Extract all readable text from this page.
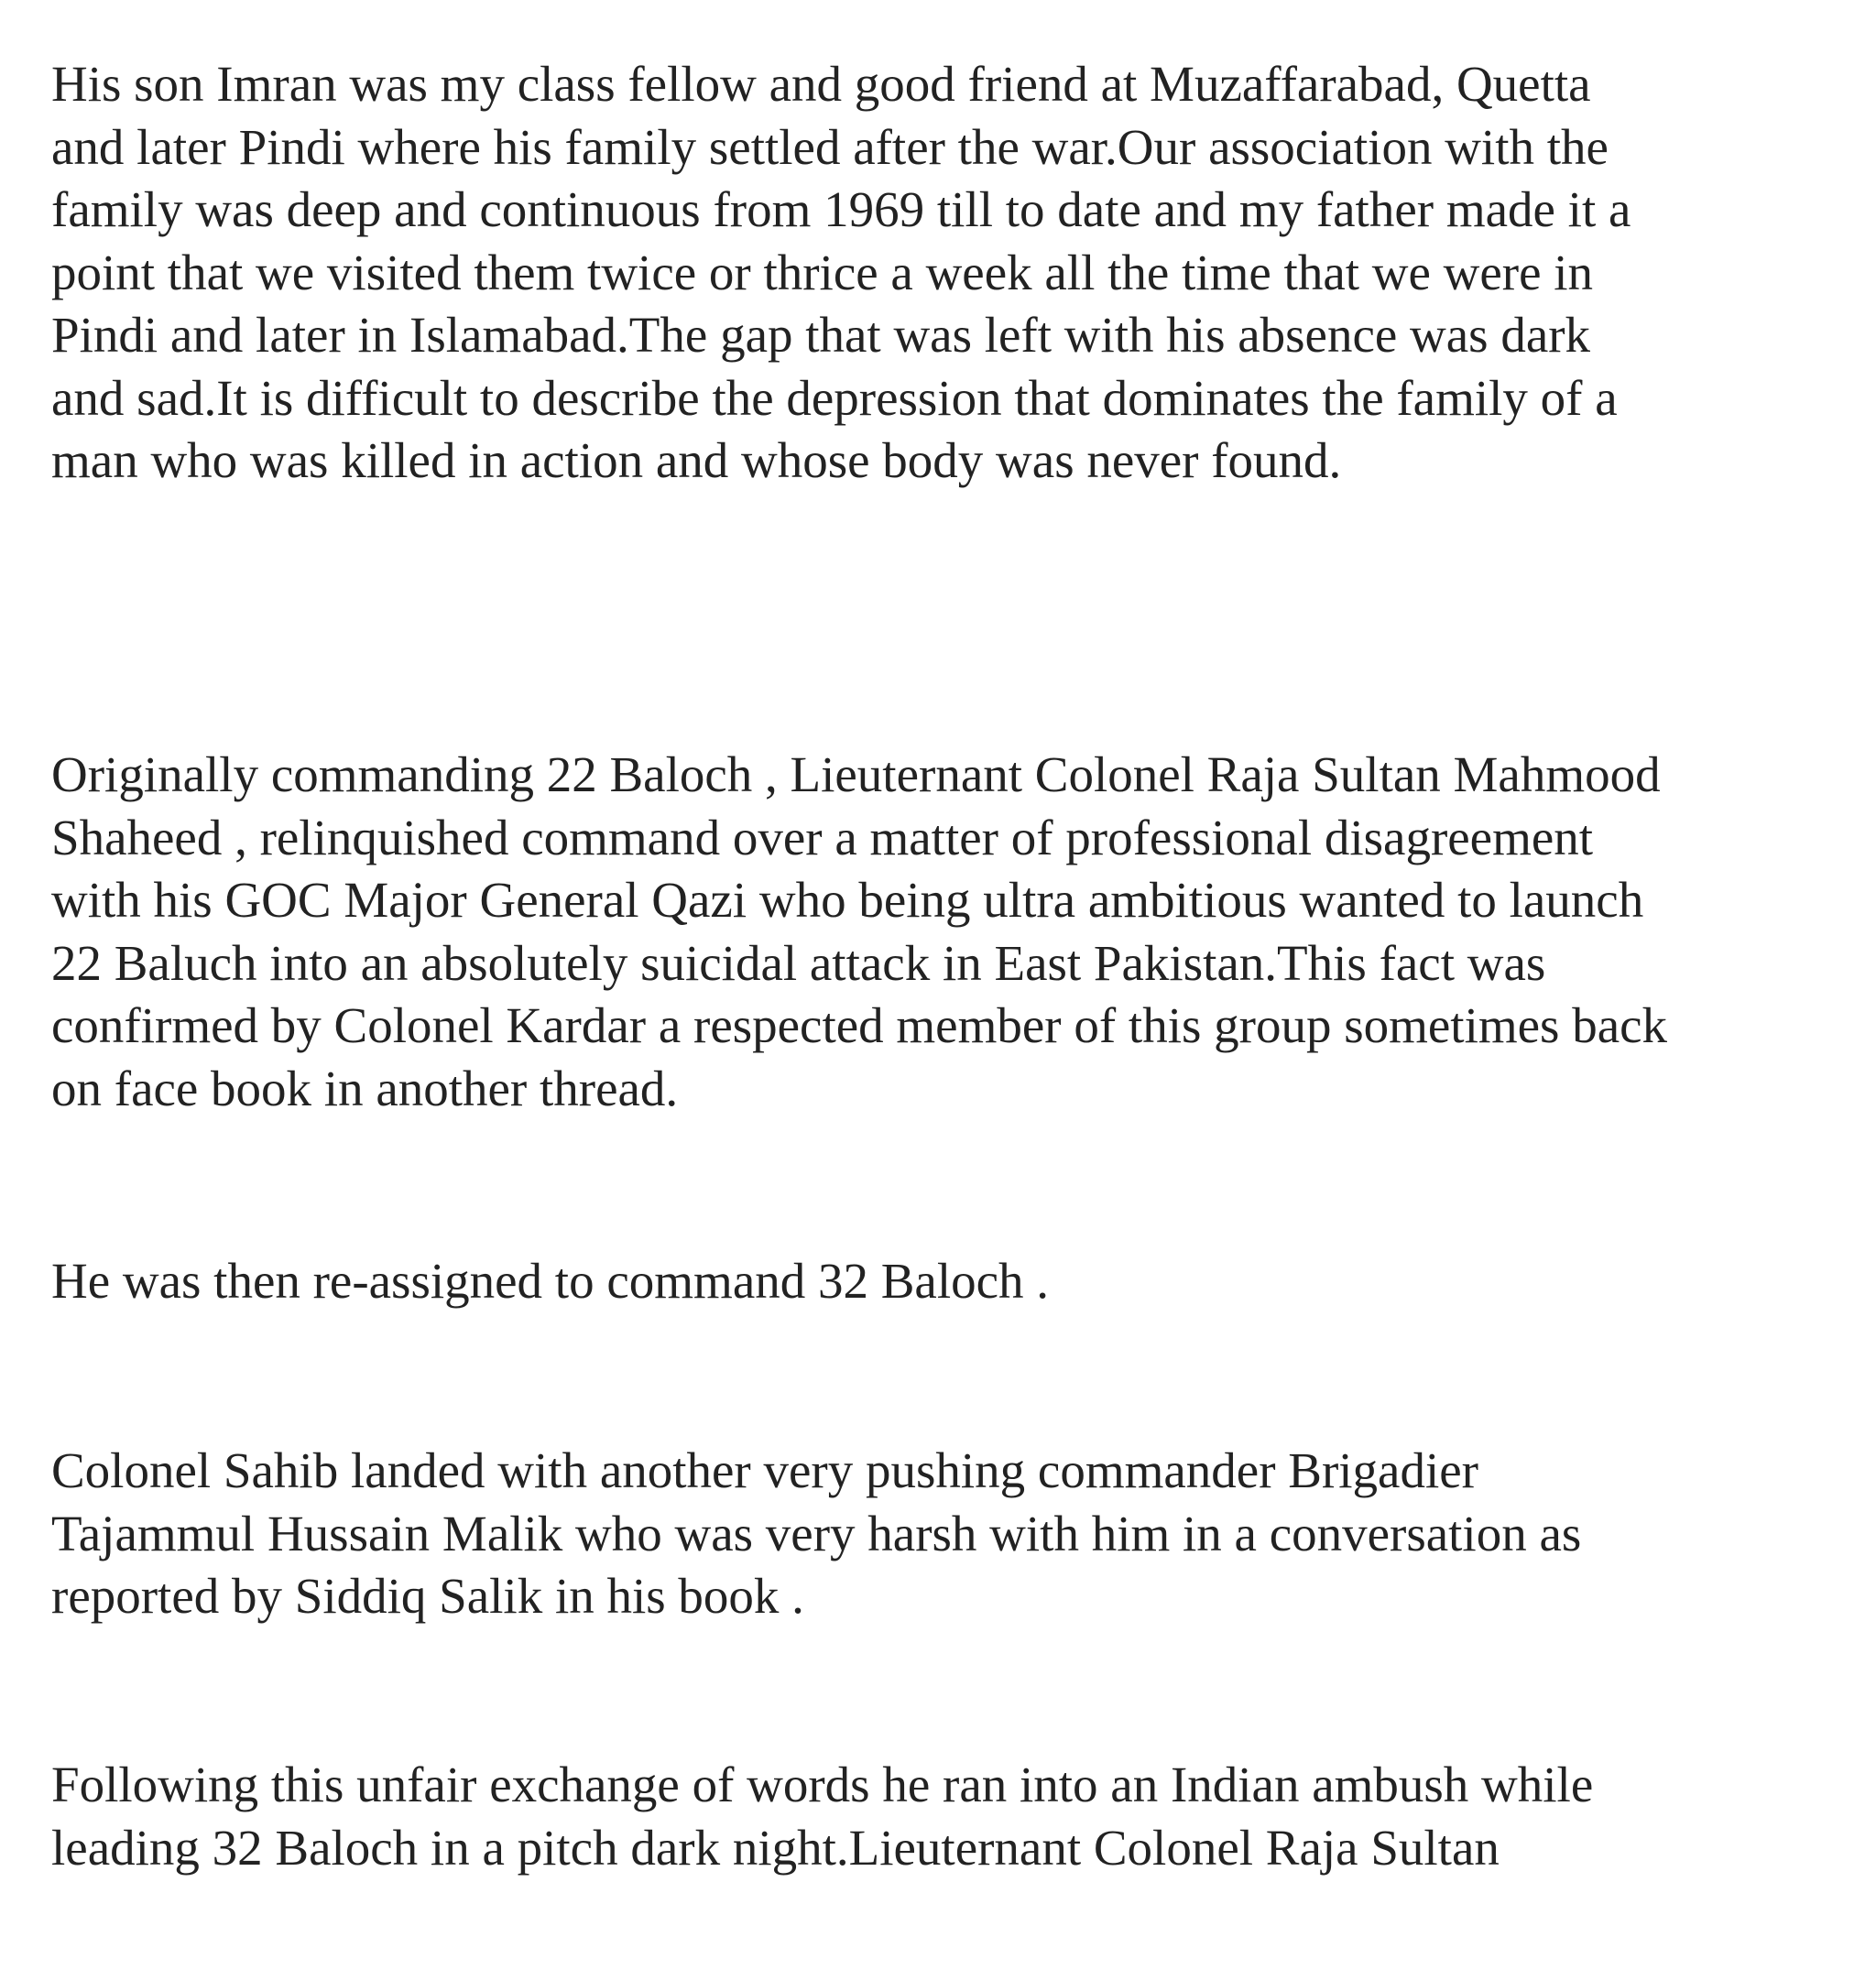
His son Imran was my class fellow and good friend at Muzaffarabad, Quetta
and later Pindi where his family settled after the war.Our association with the
family was deep and continuous from 1969 till to date and my father made it a
point that we visited them twice or thrice a week all the time that we were in
Pindi and later in Islamabad.The gap that was left with his absence was dark
and sad.It is difficult to describe the depression that dominates the family of a
man who was killed in action and whose body was never found.

Originally commanding 22 Baloch , Lieuternant Colonel Raja Sultan Mahmood
Shaheed , relinquished command over a matter of professional disagreement
with his GOC Major General Qazi who being ultra ambitious wanted to launch
22 Baluch into an absolutely suicidal attack in East Pakistan.This fact was
confirmed by Colonel Kardar a respected member of this group sometimes back
on face book in another thread.

He was then re-assigned to command 32 Baloch .

Colonel Sahib landed with another very pushing commander Brigadier
Tajammul Hussain Malik who was very harsh with him in a conversation as
reported by Siddiq Salik in his book .

Following this unfair exchange of words he ran into an Indian ambush while
leading 32 Baloch in a pitch dark night.Lieuternant Colonel Raja Sultan
